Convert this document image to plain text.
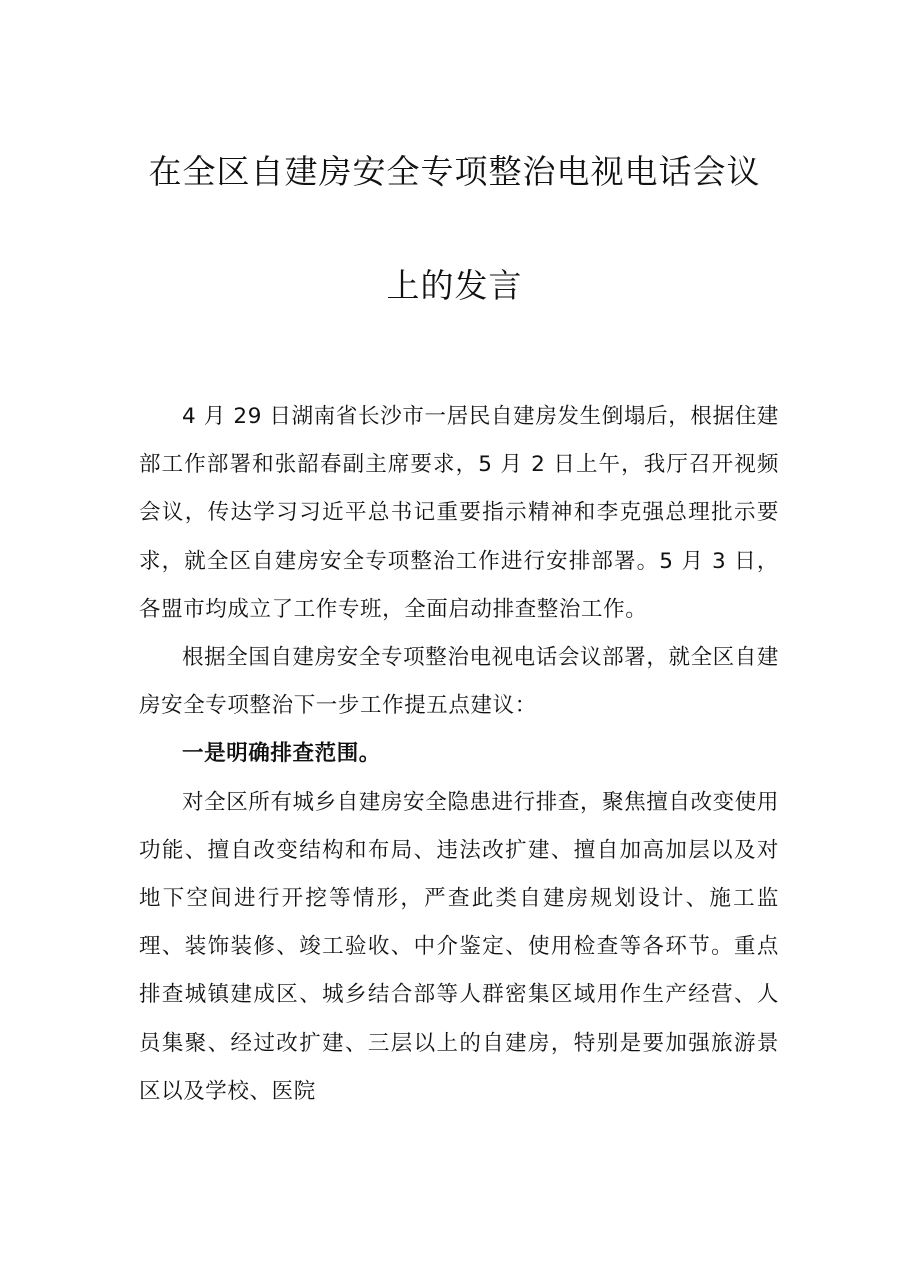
在全区自建房安全专项整治电视电话会议
上的发言

4 月 29 日湖南省长沙市一居民自建房发生倒塌后，根据住建部工作部署和张韶春副主席要求，5 月 2 日上午，我厅召开视频会议，传达学习习近平总书记重要指示精神和李克强总理批示要求，就全区自建房安全专项整治工作进行安排部署。5 月 3 日，各盟市均成立了工作专班，全面启动排查整治工作。

根据全国自建房安全专项整治电视电话会议部署，就全区自建房安全专项整治下一步工作提五点建议：

一是明确排查范围。

对全区所有城乡自建房安全隐患进行排查，聚焦擅自改变使用功能、擅自改变结构和布局、违法改扩建、擅自加高加层以及对地下空间进行开挖等情形，严查此类自建房规划设计、施工监理、装饰装修、竣工验收、中介鉴定、使用检查等各环节。重点排查城镇建成区、城乡结合部等人群密集区域用作生产经营、人员集聚、经过改扩建、三层以上的自建房，特别是要加强旅游景区以及学校、医院
